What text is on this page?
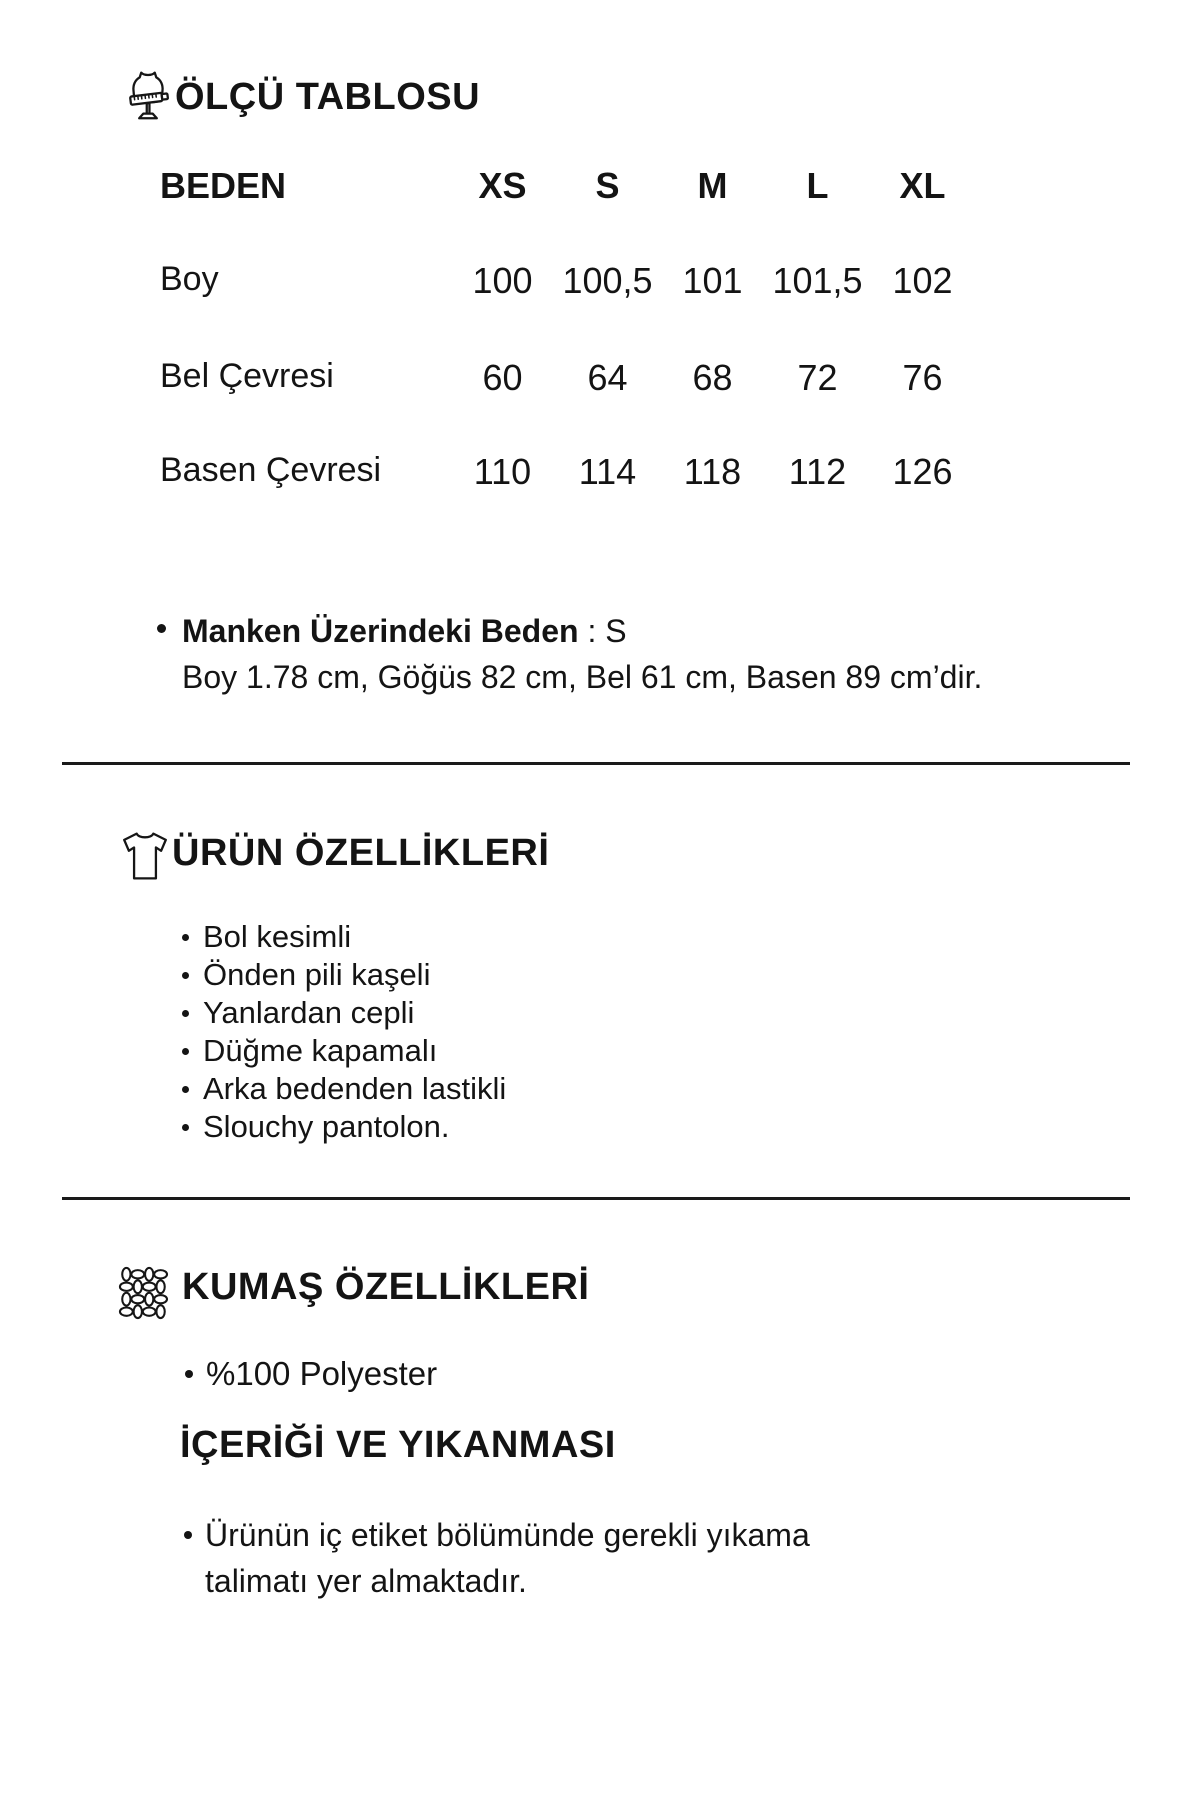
ÖLÇÜ TABLOSU
BEDEN	XS	S	M	L	XL
Boy	100 100,5 101 101,5 102
Bel Çevresi	60	64	68	72	76
Basen Çevresi	110	114	118	112	126
Manken Üzerindeki Beden : S
Boy 1.78 cm, Göğüs 82 cm, Bel 61 cm, Basen 89 cm’dir.
ÜRÜN ÖZELLİKLERİ
Bol kesimli
Önden pili kaşeli
Yanlardan cepli
Düğme kapamalı
Arka bedenden lastikli
Slouchy pantolon.
KUMAŞ ÖZELLİKLERİ
%100 Polyester
İÇERİĞİ VE YIKANMASI
Ürünün iç etiket bölümünde gerekli yıkama talimatı yer almaktadır.
